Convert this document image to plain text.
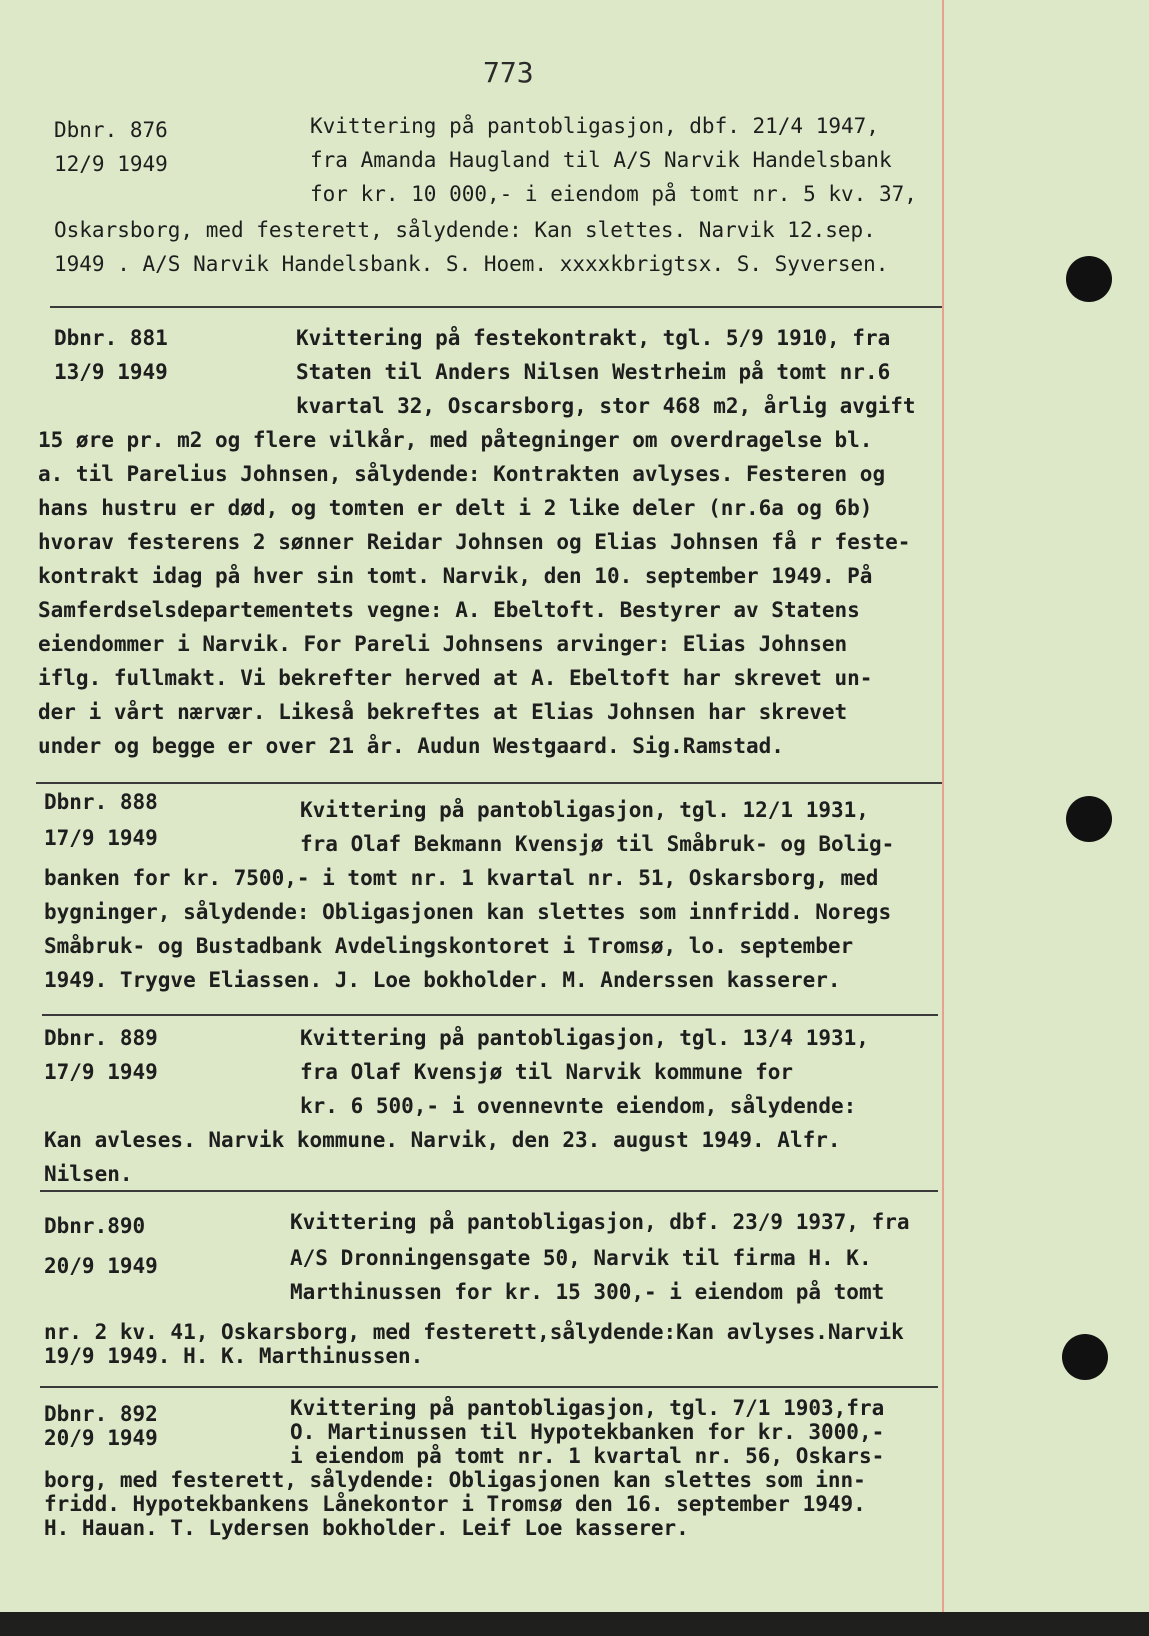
773
Dbnr. 876
12/9 1949
Kvittering på pantobligasjon, dbf. 21/4 1947,
fra Amanda Haugland til A/S Narvik Handelsbank
for kr. 10 000,- i eiendom på tomt nr. 5 kv. 37,
Oskarsborg, med festerett, sålydende: Kan slettes. Narvik 12.sep.
1949 . A/S Narvik Handelsbank. S. Hoem. xxxxkbrigtsx. S. Syversen.
Dbnr. 881
13/9 1949
Kvittering på festekontrakt, tgl. 5/9 1910, fra
Staten til Anders Nilsen Westrheim på tomt nr.6
kvartal 32, Oscarsborg, stor 468 m2, årlig avgift
15 øre pr. m2 og flere vilkår, med påtegninger om overdragelse bl.
a. til Parelius Johnsen, sålydende: Kontrakten avlyses. Festeren og
hans hustru er død, og tomten er delt i 2 like deler (nr.6a og 6b)
hvorav festerens 2 sønner Reidar Johnsen og Elias Johnsen få r feste-
kontrakt idag på hver sin tomt. Narvik, den 10. september 1949. På
Samferdselsdepartementets vegne: A. Ebeltoft. Bestyrer av Statens
eiendommer i Narvik. For Pareli Johnsens arvinger: Elias Johnsen
iflg. fullmakt. Vi bekrefter herved at A. Ebeltoft har skrevet un-
der i vårt nærvær. Likeså bekreftes at Elias Johnsen har skrevet
under og begge er over 21 år. Audun Westgaard. Sig.Ramstad.
Dbnr. 888
17/9 1949
Kvittering på pantobligasjon, tgl. 12/1 1931,
fra Olaf Bekmann Kvensjø til Småbruk- og Bolig-
banken for kr. 7500,- i tomt nr. 1 kvartal nr. 51, Oskarsborg, med
bygninger, sålydende: Obligasjonen kan slettes som innfridd. Noregs
Småbruk- og Bustadbank Avdelingskontoret i Tromsø, lo. september
1949. Trygve Eliassen. J. Loe bokholder. M. Anderssen kasserer.
Dbnr. 889
17/9 1949
Kvittering på pantobligasjon, tgl. 13/4 1931,
fra Olaf Kvensjø til Narvik kommune for
kr. 6 500,- i ovennevnte eiendom, sålydende:
Kan avleses. Narvik kommune. Narvik, den 23. august 1949. Alfr.
Nilsen.
Dbnr.890
20/9 1949
Kvittering på pantobligasjon, dbf. 23/9 1937, fra
A/S Dronningensgate 50, Narvik til firma H. K.
Marthinussen for kr. 15 300,- i eiendom på tomt
nr. 2 kv. 41, Oskarsborg, med festerett,sålydende:Kan avlyses.Narvik
19/9 1949. H. K. Marthinussen.
Dbnr. 892
20/9 1949
Kvittering på pantobligasjon, tgl. 7/1 1903,fra
O. Martinussen til Hypotekbanken for kr. 3000,-
i eiendom på tomt nr. 1 kvartal nr. 56, Oskars-
borg, med festerett, sålydende: Obligasjonen kan slettes som inn-
fridd. Hypotekbankens Lånekontor i Tromsø den 16. september 1949.
H. Hauan. T. Lydersen bokholder. Leif Loe kasserer.
